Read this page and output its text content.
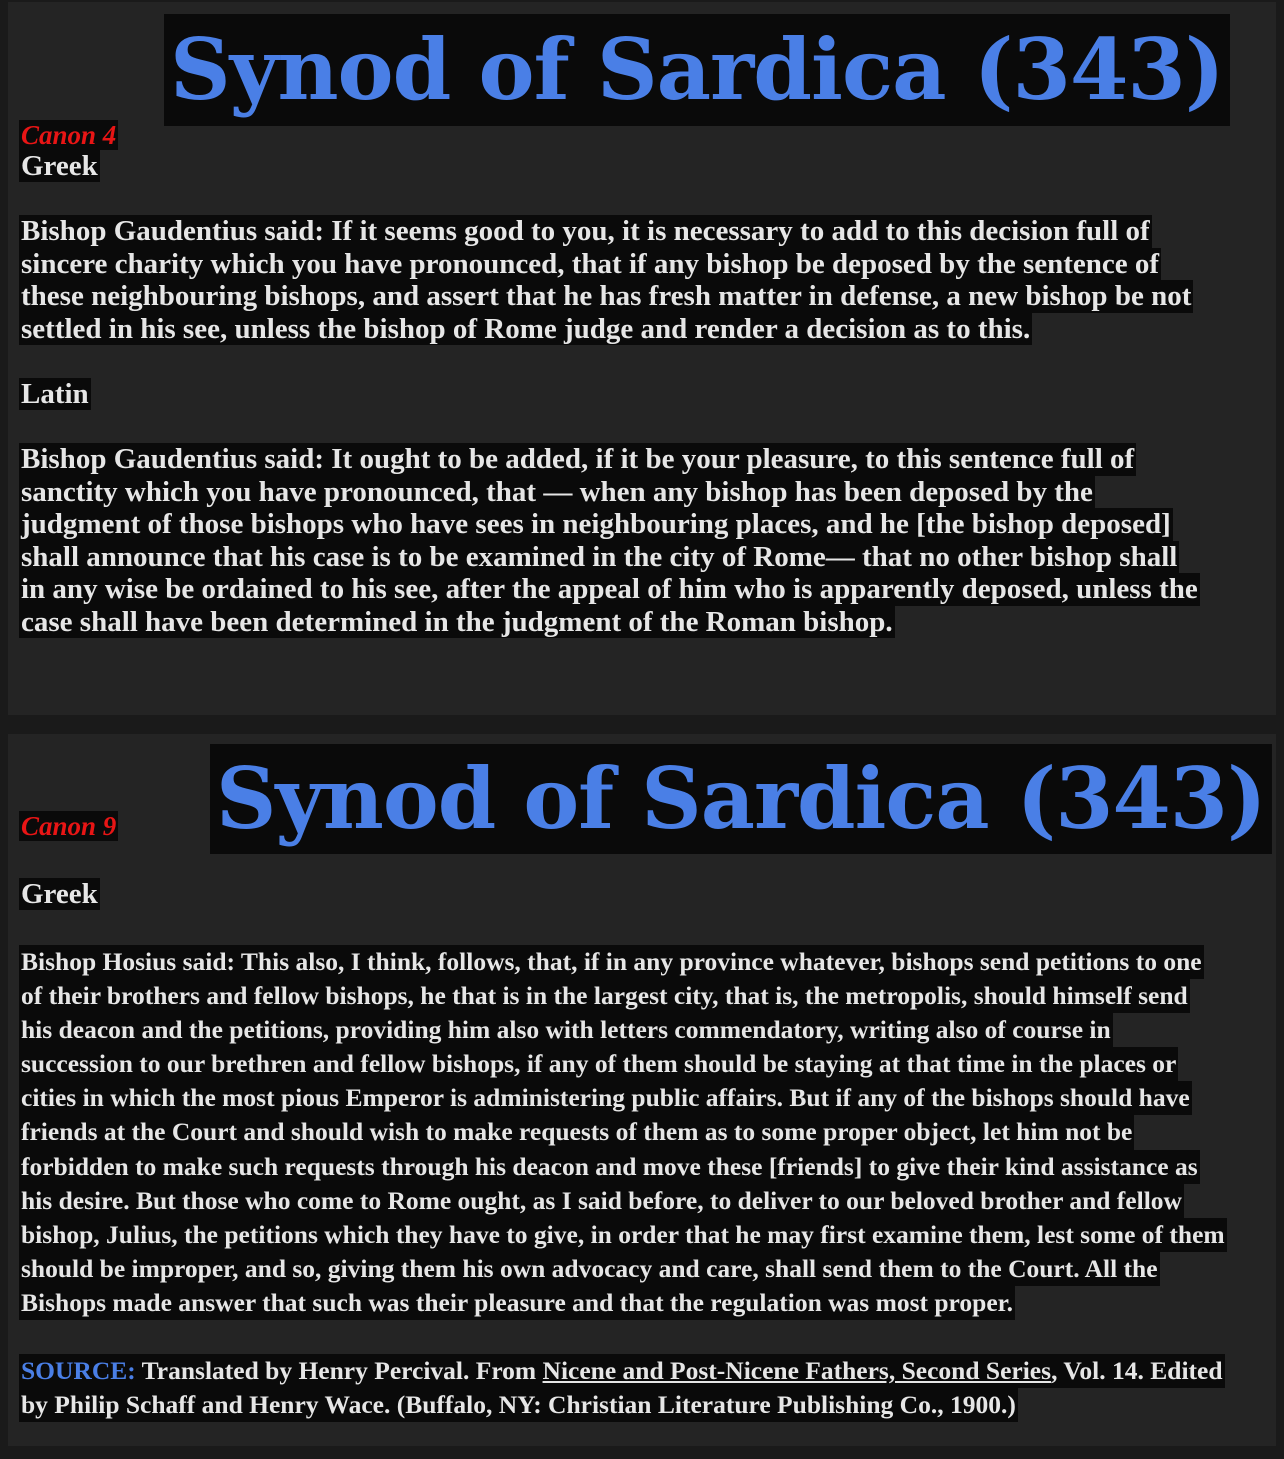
Synod of Sardica (343)
Canon 4
Greek
Bishop Gaudentius said: If it seems good to you, it is necessary to add to this decision full of
sincere charity which you have pronounced, that if any bishop be deposed by the sentence of
these neighbouring bishops, and assert that he has fresh matter in defense, a new bishop be not
settled in his see, unless the bishop of Rome judge and render a decision as to this.
Latin
Bishop Gaudentius said: It ought to be added, if it be your pleasure, to this sentence full of
sanctity which you have pronounced, that — when any bishop has been deposed by the
judgment of those bishops who have sees in neighbouring places, and he [the bishop deposed]
shall announce that his case is to be examined in the city of Rome— that no other bishop shall
in any wise be ordained to his see, after the appeal of him who is apparently deposed, unless the
case shall have been determined in the judgment of the Roman bishop.
Synod of Sardica (343)
Canon 9
Greek
Bishop Hosius said: This also, I think, follows, that, if in any province whatever, bishops send petitions to one
of their brothers and fellow bishops, he that is in the largest city, that is, the metropolis, should himself send
his deacon and the petitions, providing him also with letters commendatory, writing also of course in
succession to our brethren and fellow bishops, if any of them should be staying at that time in the places or
cities in which the most pious Emperor is administering public affairs. But if any of the bishops should have
friends at the Court and should wish to make requests of them as to some proper object, let him not be
forbidden to make such requests through his deacon and move these [friends] to give their kind assistance as
his desire. But those who come to Rome ought, as I said before, to deliver to our beloved brother and fellow
bishop, Julius, the petitions which they have to give, in order that he may first examine them, lest some of them
should be improper, and so, giving them his own advocacy and care, shall send them to the Court. All the
Bishops made answer that such was their pleasure and that the regulation was most proper.
SOURCE: Translated by Henry Percival. From Nicene and Post-Nicene Fathers, Second Series, Vol. 14. Edited
by Philip Schaff and Henry Wace. (Buffalo, NY: Christian Literature Publishing Co., 1900.)
